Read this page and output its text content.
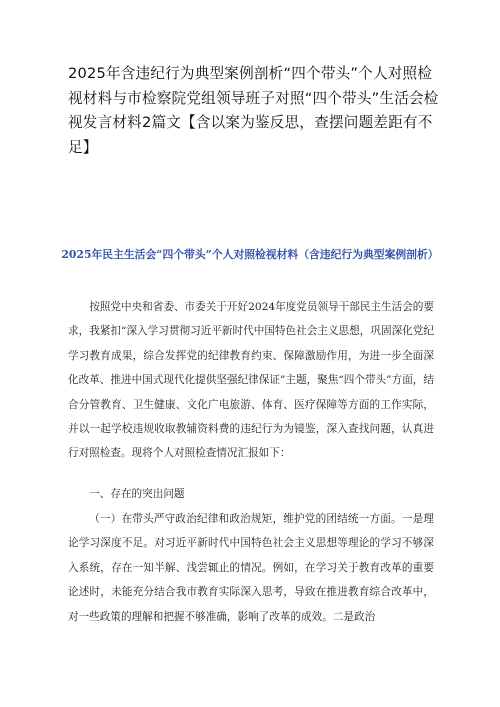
2025年含违纪行为典型案例剖析“四个带头”个人对照检视材料与市检察院党组领导班子对照“四个带头”生活会检视发言材料2篇文【含以案为鉴反思，查摆问题差距有不足】
2025年民主生活会“四个带头”个人对照检视材料（含违纪行为典型案例剖析）

按照党中央和省委、市委关于开好2024年度党员领导干部民主生活会的要求，我紧扣“深入学习贯彻习近平新时代中国特色社会主义思想，巩固深化党纪学习教育成果，综合发挥党的纪律教育约束、保障激励作用，为进一步全面深化改革、推进中国式现代化提供坚强纪律保证”主题，聚焦“四个带头”方面，结合分管教育、卫生健康、文化广电旅游、体育、医疗保障等方面的工作实际，并以一起学校违规收取教辅资料费的违纪行为为镜鉴，深入查找问题，认真进行对照检查。现将个人对照检查情况汇报如下：

一、存在的突出问题

（一）在带头严守政治纪律和政治规矩，维护党的团结统一方面。一是理论学习深度不足。对习近平新时代中国特色社会主义思想等理论的学习不够深入系统，存在一知半解、浅尝辄止的情况。例如，在学习关于教育改革的重要论述时，未能充分结合我市教育实际深入思考，导致在推进教育综合改革中，对一些政策的理解和把握不够准确，影响了改革的成效。二是政治
